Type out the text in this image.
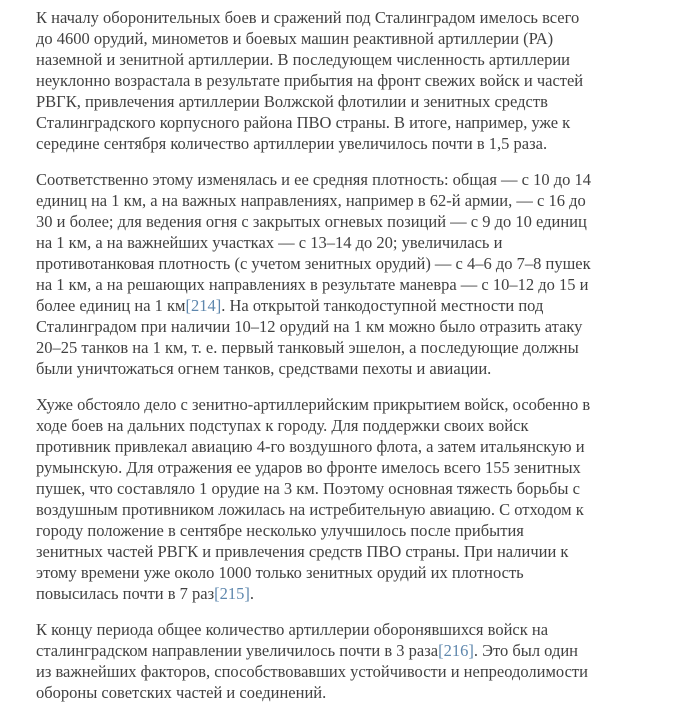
К началу оборонительных боев и сражений под Сталинградом имелось всего до 4600 орудий, минометов и боевых машин реактивной артиллерии (РА) наземной и зенитной артиллерии. В последующем численность артиллерии неуклонно возрастала в результате прибытия на фронт свежих войск и частей РВГК, привлечения артиллерии Волжской флотилии и зенитных средств Сталинградского корпусного района ПВО страны. В итоге, например, уже к середине сентября количество артиллерии увеличилось почти в 1,5 раза.

Соответственно этому изменялась и ее средняя плотность: общая — с 10 до 14 единиц на 1 км, а на важных направлениях, например в 62-й армии, — с 16 до 30 и более; для ведения огня с закрытых огневых позиций — с 9 до 10 единиц на 1 км, а на важнейших участках — с 13–14 до 20; увеличилась и противотанковая плотность (с учетом зенитных орудий) — с 4–6 до 7–8 пушек на 1 км, а на решающих направлениях в результате маневра — с 10–12 до 15 и более единиц на 1 км[214]. На открытой танкодоступной местности под Сталинградом при наличии 10–12 орудий на 1 км можно было отразить атаку 20–25 танков на 1 км, т. е. первый танковый эшелон, а последующие должны были уничтожаться огнем танков, средствами пехоты и авиации.

Хуже обстояло дело с зенитно-артиллерийским прикрытием войск, особенно в ходе боев на дальних подступах к городу. Для поддержки своих войск противник привлекал авиацию 4-го воздушного флота, а затем итальянскую и румынскую. Для отражения ее ударов во фронте имелось всего 155 зенитных пушек, что составляло 1 орудие на 3 км. Поэтому основная тяжесть борьбы с воздушным противником ложилась на истребительную авиацию. С отходом к городу положение в сентябре несколько улучшилось после прибытия зенитных частей РВГК и привлечения средств ПВО страны. При наличии к этому времени уже около 1000 только зенитных орудий их плотность повысилась почти в 7 раз[215].

К концу периода общее количество артиллерии оборонявшихся войск на сталинградском направлении увеличилось почти в 3 раза[216]. Это был один из важнейших факторов, способствовавших устойчивости и непреодолимости обороны советских частей и соединений.
